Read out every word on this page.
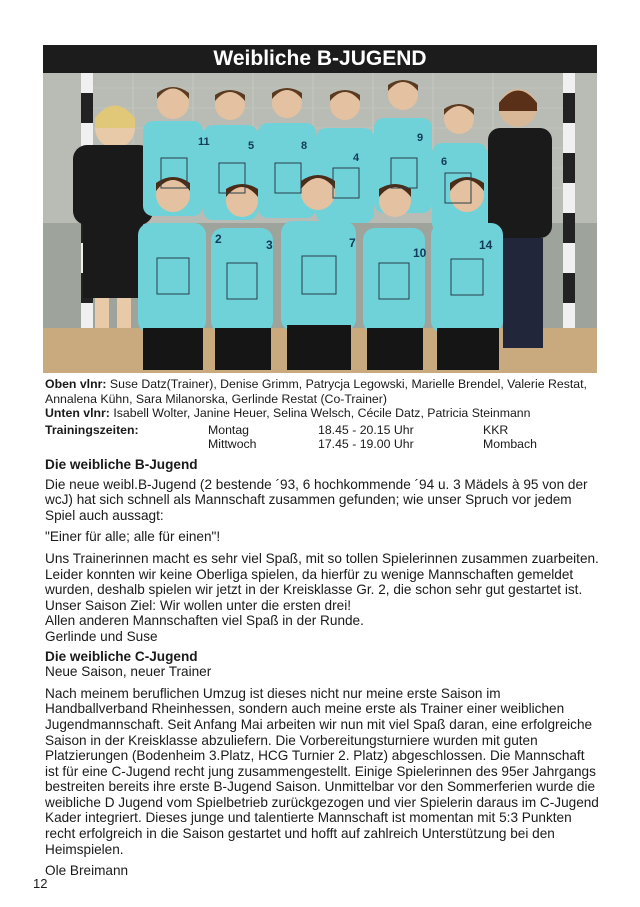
Weibliche B-JUGEND
11	5	8
4
9
6
2	3	7
10
14
Oben vlnr: Suse Datz(Trainer), Denise Grimm, Patrycja Legowski, Marielle Brendel, Valerie Restat, Annalena Kühn, Sara Milanorska, Gerlinde Restat (Co-Trainer)
Unten vlnr: Isabell Wolter, Janine Heuer, Selina Welsch, Cécile Datz, Patricia Steinmann
Trainingszeiten:	Montag	18.45 - 20.15 Uhr	KKR
Mittwoch	17.45 - 19.00 Uhr	Mombach
Die weibliche B-Jugend

Die neue weibl.B-Jugend (2 bestende ´93, 6 hochkommende ´94 u. 3 Mädels à 95 von der wcJ) hat sich schnell als Mannschaft zusammen gefunden; wie unser Spruch vor jedem Spiel auch aussagt:

"Einer für alle; alle für einen"!

Uns Trainerinnen macht es sehr viel Spaß, mit so tollen Spielerinnen zusammen zuarbeiten. Leider konnten wir keine Oberliga spielen, da hierfür zu wenige Mannschaften gemeldet wurden, deshalb spielen wir jetzt in der Kreisklasse Gr. 2, die schon sehr gut gestartet ist. Unser Saison Ziel: Wir wollen unter die ersten drei!

Allen anderen Mannschaften viel Spaß in der Runde.

Gerlinde und Suse

Die weibliche C-Jugend

Neue Saison, neuer Trainer

Nach meinem beruflichen Umzug ist dieses nicht nur meine erste Saison im Handballverband Rheinhessen, sondern auch meine erste als Trainer einer weiblichen Jugendmannschaft. Seit Anfang Mai arbeiten wir nun mit viel Spaß daran, eine erfolgreiche Saison in der Kreisklasse abzuliefern. Die Vorbereitungsturniere wurden mit guten Platzierungen (Bodenheim 3.Platz, HCG Turnier 2. Platz) abgeschlossen. Die Mannschaft ist für eine C-Jugend recht jung zusammengestellt. Einige Spielerinnen des 95er Jahrgangs bestreiten bereits ihre erste B-Jugend Saison. Unmittelbar vor den Sommerferien wurde die weibliche D Jugend vom Spielbetrieb zurückgezogen und vier Spielerin daraus im C-Jugend Kader integriert. Dieses junge und talentierte Mannschaft ist momentan mit 5:3 Punkten recht erfolgreich in die Saison gestartet und hofft auf zahlreich Unterstützung bei den Heimspielen.

Ole Breimann

12
